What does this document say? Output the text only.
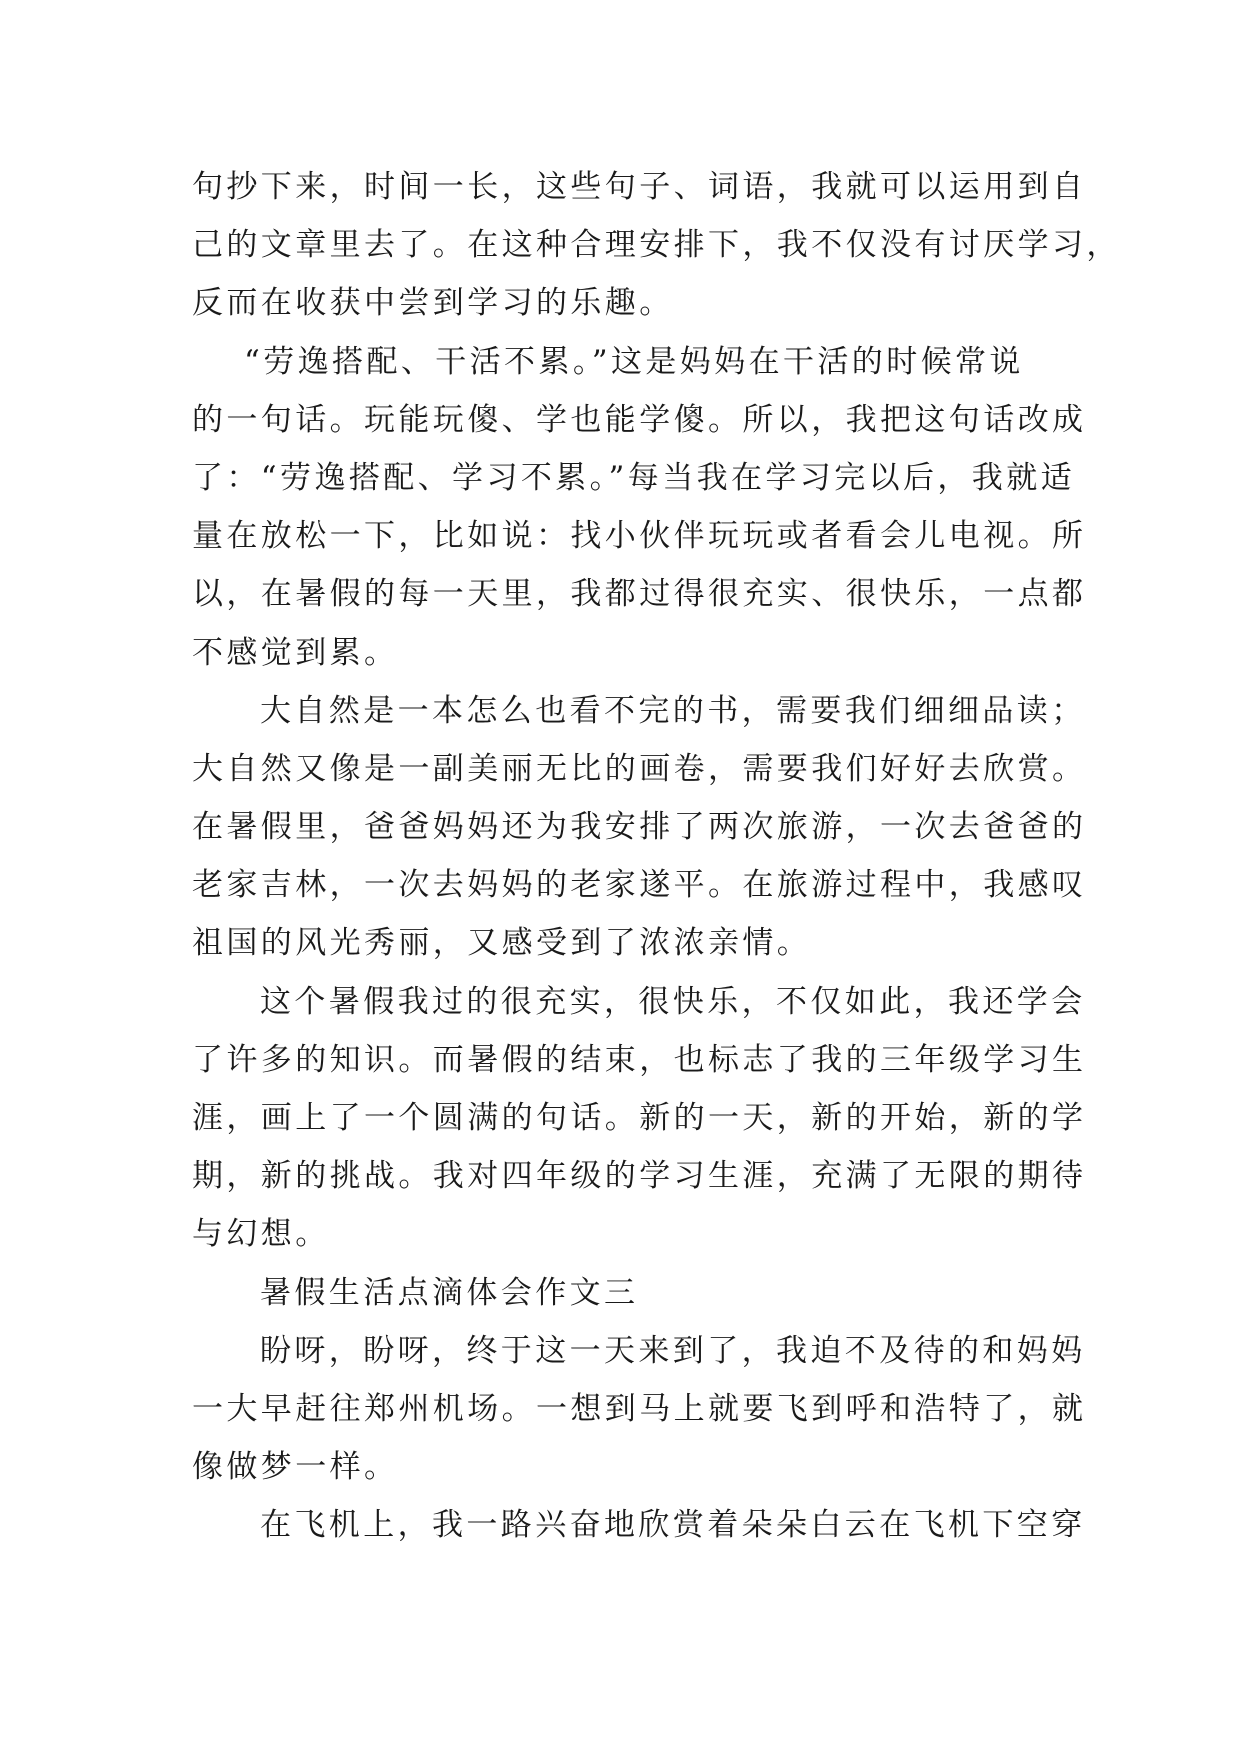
句抄下来，时间一长，这些句子、词语，我就可以运用到自
己的文章里去了。在这种合理安排下，我不仅没有讨厌学习，
反而在收获中尝到学习的乐趣。
“劳逸搭配、干活不累。”这是妈妈在干活的时候常说
的一句话。玩能玩傻、学也能学傻。所以，我把这句话改成
了：“劳逸搭配、学习不累。”每当我在学习完以后，我就适
量在放松一下，比如说：找小伙伴玩玩或者看会儿电视。所
以，在暑假的每一天里，我都过得很充实、很快乐，一点都
不感觉到累。
大自然是一本怎么也看不完的书，需要我们细细品读；
大自然又像是一副美丽无比的画卷，需要我们好好去欣赏。
在暑假里，爸爸妈妈还为我安排了两次旅游，一次去爸爸的
老家吉林，一次去妈妈的老家遂平。在旅游过程中，我感叹
祖国的风光秀丽，又感受到了浓浓亲情。
这个暑假我过的很充实，很快乐，不仅如此，我还学会
了许多的知识。而暑假的结束，也标志了我的三年级学习生
涯，画上了一个圆满的句话。新的一天，新的开始，新的学
期，新的挑战。我对四年级的学习生涯，充满了无限的期待
与幻想。
暑假生活点滴体会作文三
盼呀，盼呀，终于这一天来到了，我迫不及待的和妈妈
一大早赶往郑州机场。一想到马上就要飞到呼和浩特了，就
像做梦一样。
在飞机上，我一路兴奋地欣赏着朵朵白云在飞机下空穿
